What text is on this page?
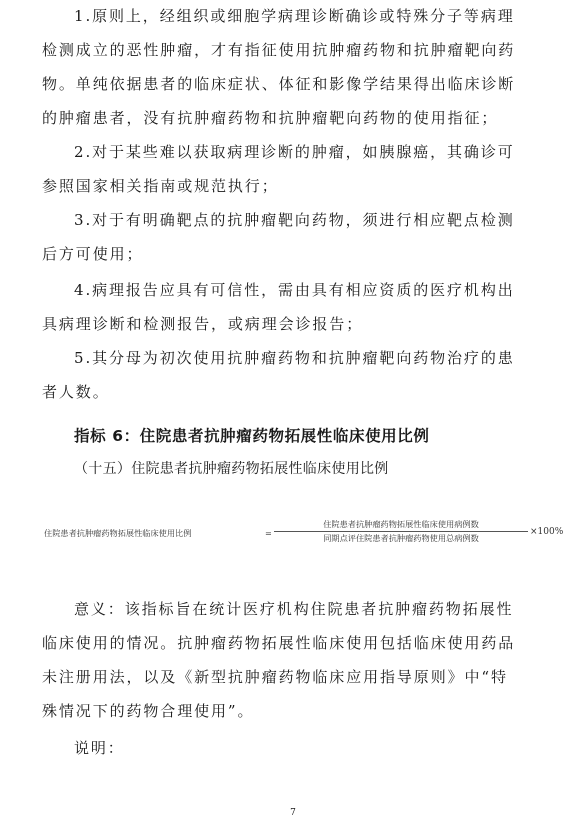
1.原则上，经组织或细胞学病理诊断确诊或特殊分子等病理
检测成立的恶性肿瘤，才有指征使用抗肿瘤药物和抗肿瘤靶向药
物。单纯依据患者的临床症状、体征和影像学结果得出临床诊断
的肿瘤患者，没有抗肿瘤药物和抗肿瘤靶向药物的使用指征；
2.对于某些难以获取病理诊断的肿瘤，如胰腺癌，其确诊可
参照国家相关指南或规范执行；
3.对于有明确靶点的抗肿瘤靶向药物，须进行相应靶点检测
后方可使用；
4.病理报告应具有可信性，需由具有相应资质的医疗机构出
具病理诊断和检测报告，或病理会诊报告；
5.其分母为初次使用抗肿瘤药物和抗肿瘤靶向药物治疗的患
者人数。
指标 6：住院患者抗肿瘤药物拓展性临床使用比例
（十五）住院患者抗肿瘤药物拓展性临床使用比例
住院患者抗肿瘤药物拓展性临床使用比例	=
住院患者抗肿瘤药物拓展性临床使用病例数
同期点评住院患者抗肿瘤药物使用总病例数
×100%
意义：该指标旨在统计医疗机构住院患者抗肿瘤药物拓展性
临床使用的情况。抗肿瘤药物拓展性临床使用包括临床使用药品
未注册用法，以及《新型抗肿瘤药物临床应用指导原则》中“特
殊情况下的药物合理使用”。
说明：
7
